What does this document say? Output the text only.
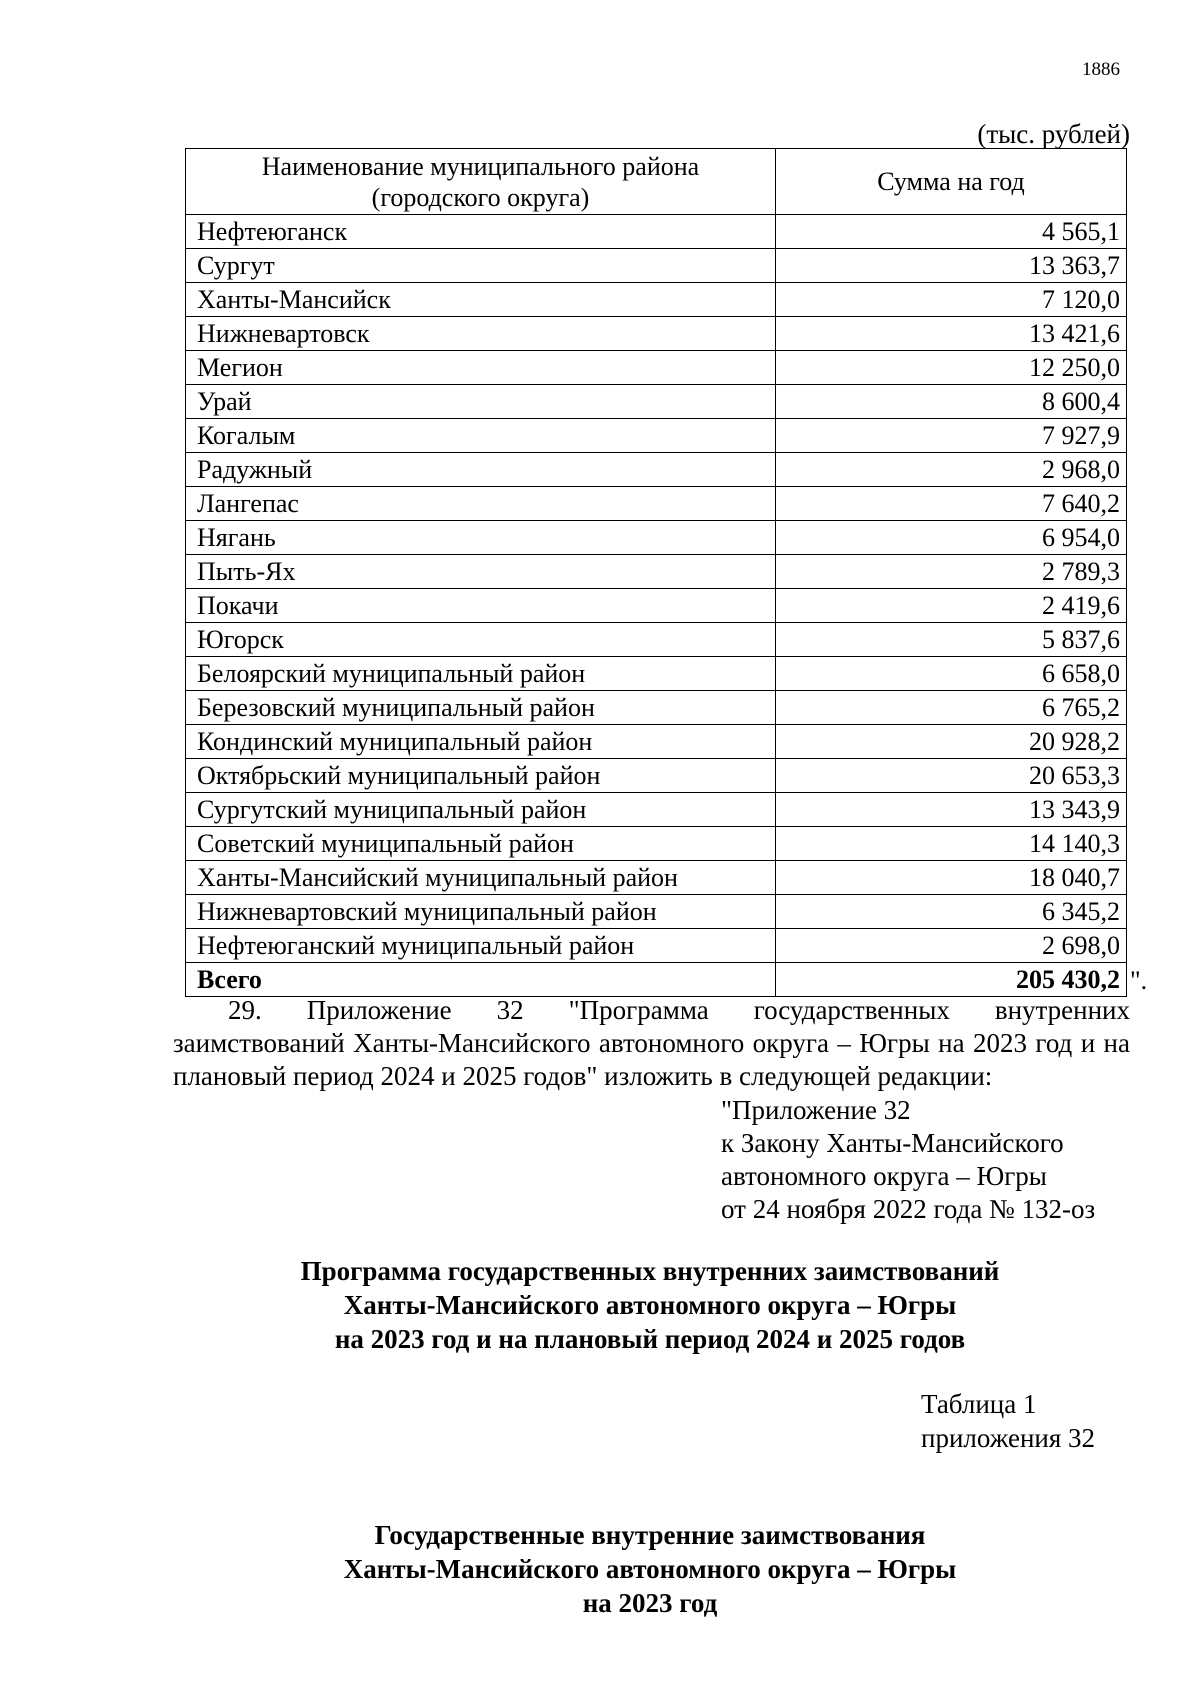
1886

(тыс. рублей)

Наименование муниципального района
(городского округа)	Сумма на год
Нефтеюганск	4 565,1
Сургут	13 363,7
Ханты-Мансийск	7 120,0
Нижневартовск	13 421,6
Мегион	12 250,0
Урай	8 600,4
Когалым	7 927,9
Радужный	2 968,0
Лангепас	7 640,2
Нягань	6 954,0
Пыть-Ях	2 789,3
Покачи	2 419,6
Югорск	5 837,6
Белоярский муниципальный район	6 658,0
Березовский муниципальный район	6 765,2
Кондинский муниципальный район	20 928,2
Октябрьский муниципальный район	20 653,3
Сургутский муниципальный район	13 343,9
Советский муниципальный район	14 140,3
Ханты-Мансийский муниципальный район	18 040,7
Нижневартовский муниципальный район	6 345,2
Нефтеюганский муниципальный район	2 698,0
Всего	205 430,2 ".

29. Приложение 32 "Программа государственных внутренних
заимствований Ханты-Мансийского автономного округа – Югры на 2023 год и на плановый период 2024 и 2025 годов" изложить в следующей редакции:

"Приложение 32
к Закону Ханты-Мансийского
автономного округа – Югры
от 24 ноября 2022 года № 132-оз

Программа государственных внутренних заимствований
Ханты-Мансийского автономного округа – Югры
на 2023 год и на плановый период 2024 и 2025 годов

Таблица 1
приложения 32

Государственные внутренние заимствования
Ханты-Мансийского автономного округа – Югры
на 2023 год
